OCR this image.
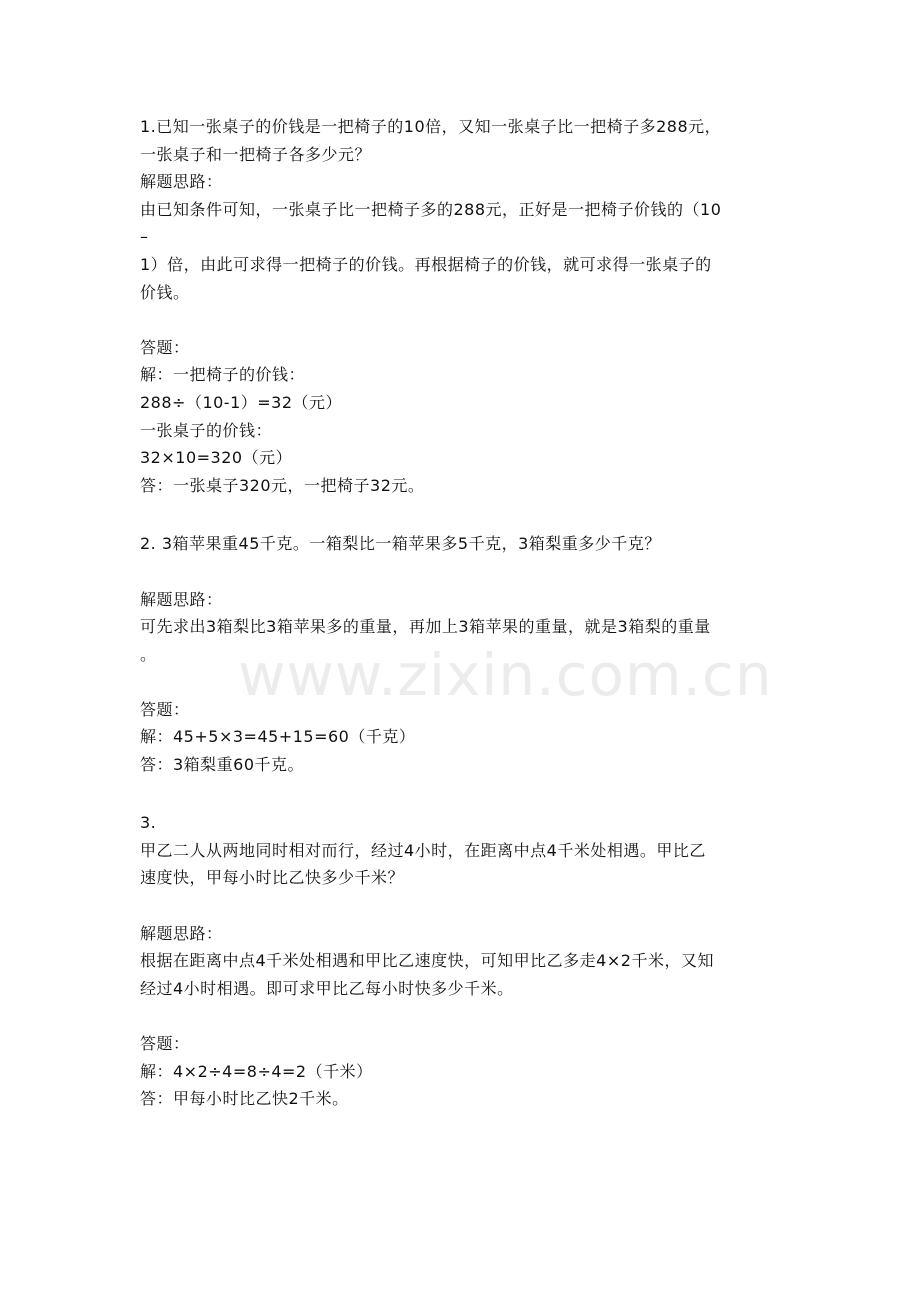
www.zixin.com.cn
1.已知一张桌子的价钱是一把椅子的10倍，又知一张桌子比一把椅子多288元，
一张桌子和一把椅子各多少元？
解题思路：
由已知条件可知，一张桌子比一把椅子多的288元，正好是一把椅子价钱的（10
–
1）倍，由此可求得一把椅子的价钱。再根据椅子的价钱，就可求得一张桌子的
价钱。
答题：
解：一把椅子的价钱：
288÷（10-1）=32（元）
一张桌子的价钱：
32×10=320（元）
答：一张桌子320元，一把椅子32元。
2. 3箱苹果重45千克。一箱梨比一箱苹果多5千克，3箱梨重多少千克？
解题思路：
可先求出3箱梨比3箱苹果多的重量，再加上3箱苹果的重量，就是3箱梨的重量
。
答题：
解：45+5×3=45+15=60（千克）
答：3箱梨重60千克。
3.
甲乙二人从两地同时相对而行，经过4小时，在距离中点4千米处相遇。甲比乙
速度快，甲每小时比乙快多少千米？
解题思路：
根据在距离中点4千米处相遇和甲比乙速度快，可知甲比乙多走4×2千米，又知
经过4小时相遇。即可求甲比乙每小时快多少千米。
答题：
解：4×2÷4=8÷4=2（千米）
答：甲每小时比乙快2千米。
